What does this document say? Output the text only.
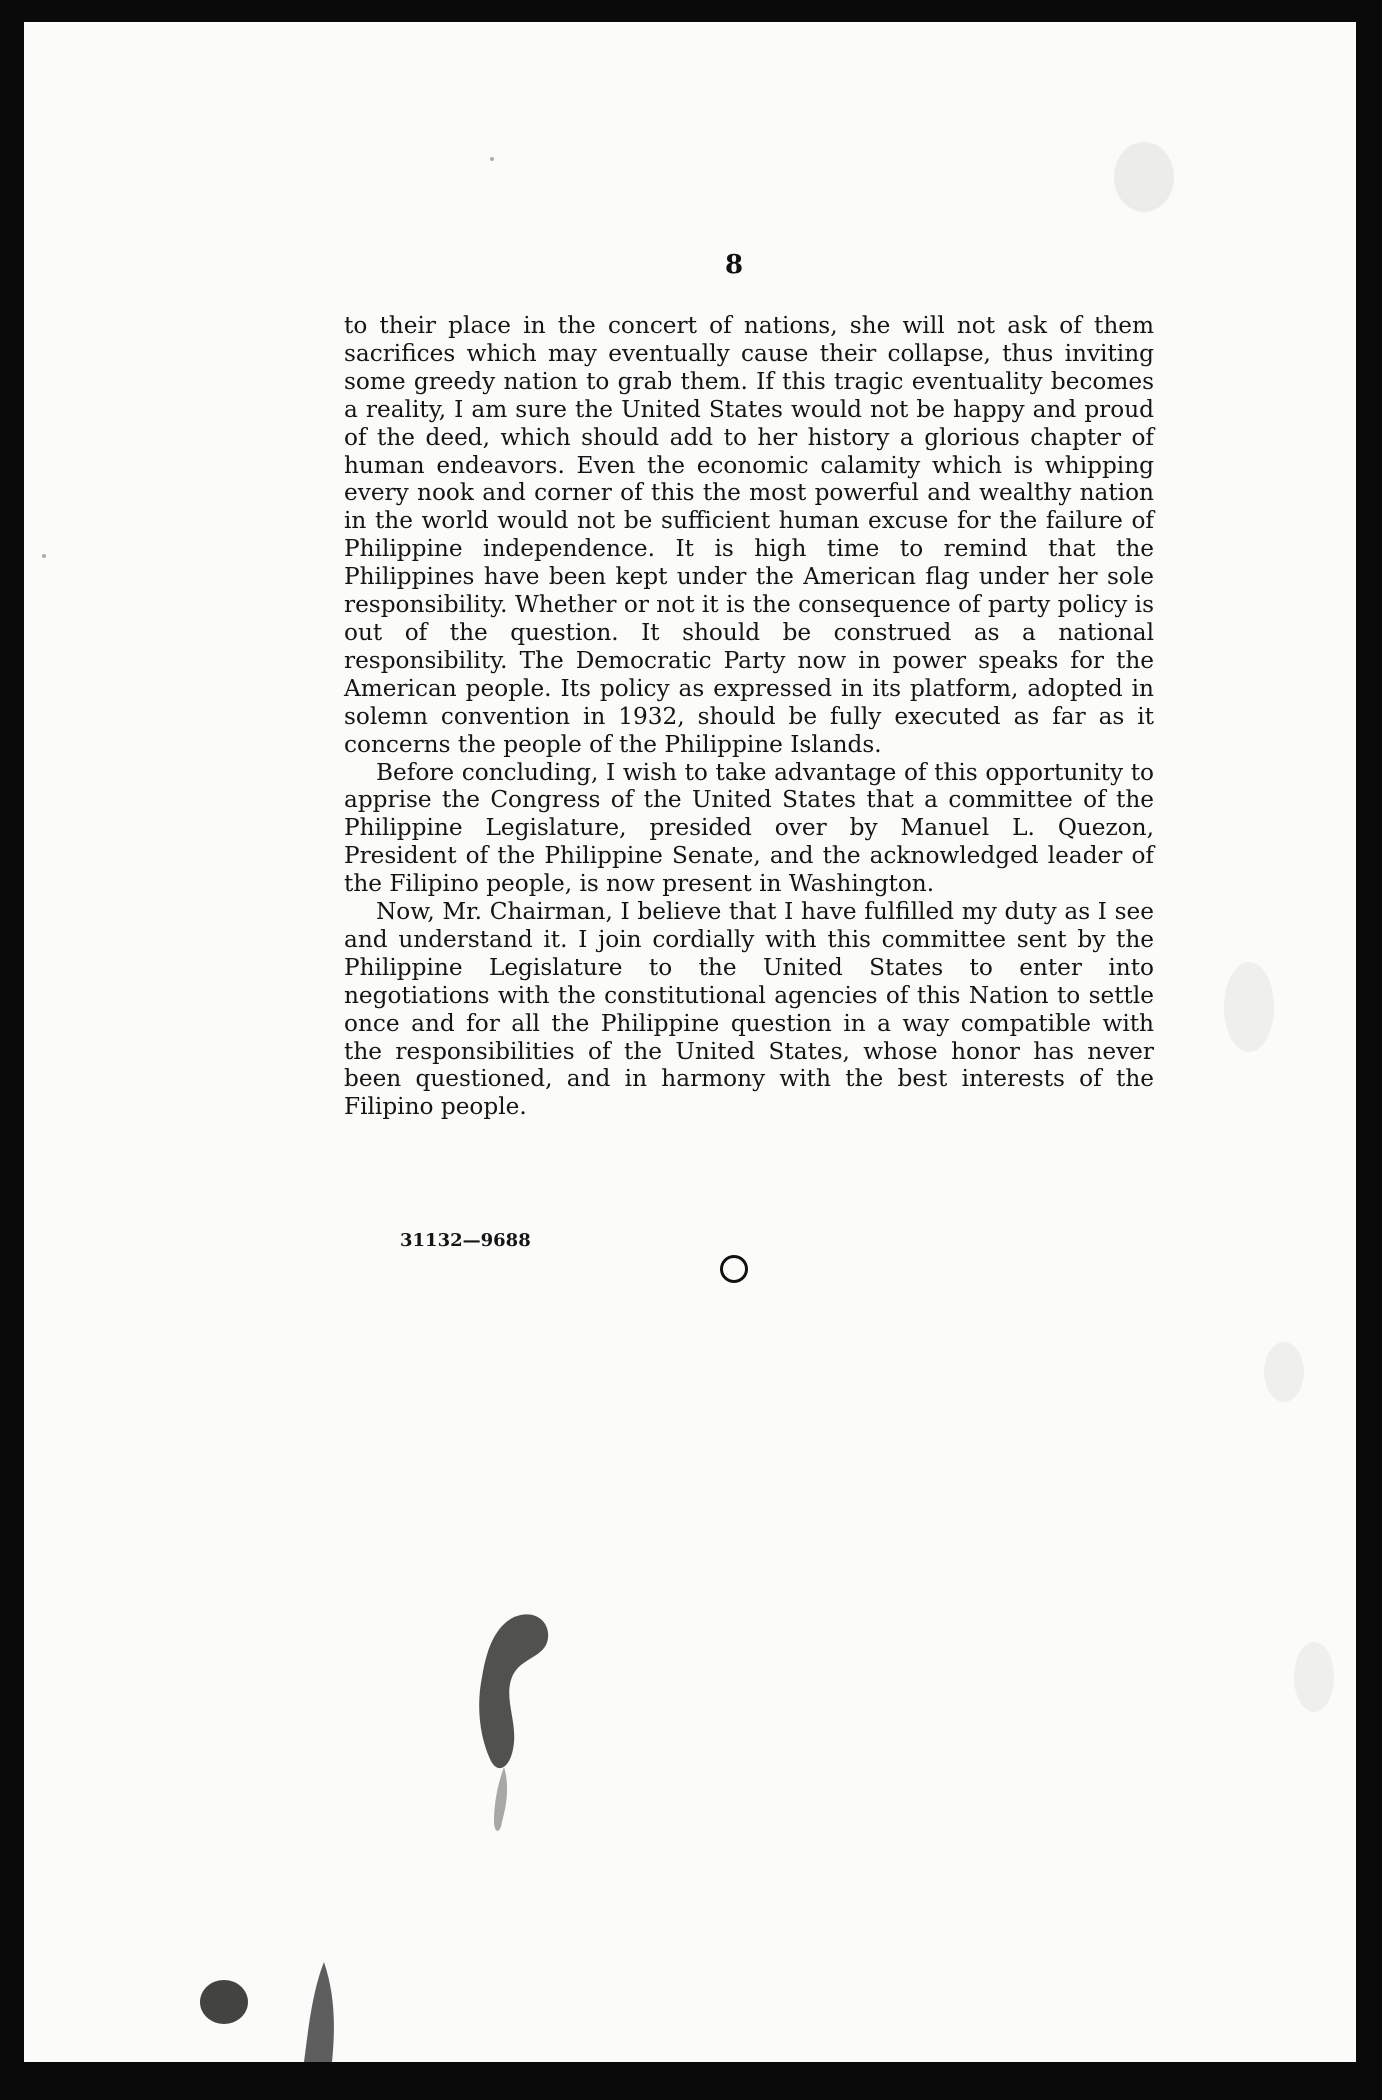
8

to their place in the concert of nations, she will not ask of them sacrifices which may eventually cause their collapse, thus inviting some greedy nation to grab them. If this tragic eventuality becomes a reality, I am sure the United States would not be happy and proud of the deed, which should add to her history a glorious chapter of human endeavors. Even the economic calamity which is whipping every nook and corner of this the most powerful and wealthy nation in the world would not be sufficient human excuse for the failure of Philippine independence. It is high time to remind that the Philippines have been kept under the American flag under her sole responsibility. Whether or not it is the consequence of party policy is out of the question. It should be construed as a national responsibility. The Democratic Party now in power speaks for the American people. Its policy as expressed in its platform, adopted in solemn convention in 1932, should be fully executed as far as it concerns the people of the Philippine Islands.

Before concluding, I wish to take advantage of this opportunity to apprise the Congress of the United States that a committee of the Philippine Legislature, presided over by Manuel L. Quezon, President of the Philippine Senate, and the acknowledged leader of the Filipino people, is now present in Washington.

Now, Mr. Chairman, I believe that I have fulfilled my duty as I see and understand it. I join cordially with this committee sent by the Philippine Legislature to the United States to enter into negotiations with the constitutional agencies of this Nation to settle once and for all the Philippine question in a way compatible with the responsibilities of the United States, whose honor has never been questioned, and in harmony with the best interests of the Filipino people.

31132—9688
